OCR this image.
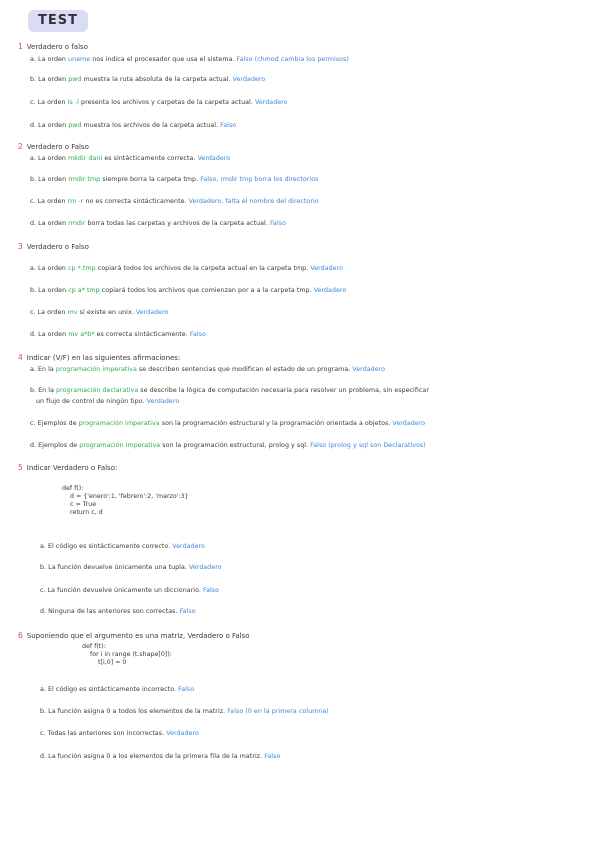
TEST
1 Verdadero o falso
a. La orden uname nos indica el procesador que usa el sistema. Falso (chmod cambia los permisos)
b. La orden pwd muestra la ruta absoluta de la carpeta actual. Verdadero
c. La orden ls -l presenta los archivos y carpetas de la carpeta actual. Verdadero
d. La orden pwd muestra los archivos de la carpeta actual. Falso
2 Verdadero o Falso
a. La orden mkdir dani es sintácticamente correcta. Verdadero
b. La orden rmdir tmp siempre borra la carpeta tmp. Falso, rmdir tmp borra los directorios
c. La orden rm -r no es correcta sintácticamente. Verdadero, falta el nombre del directorio
d. La orden rmdir borra todas las carpetas y archivos de la carpeta actual. Falso
3 Verdadero o Falso
a. La orden cp *.tmp copiará todos los archivos de la carpeta actual en la carpeta tmp. Verdadero
b. La orden cp a* tmp copiará todos los archivos que comienzan por a a la carpeta tmp. Verdadero
c. La orden mv sí existe en unix. Verdadero
d. La orden mv a*b* es correcta sintácticamente. Falso
4 Indicar (V/F) en las siguientes afirmaciones:
a. En la programación imperativa se describen sentencias que modifican el estado de un programa. Verdadero
b. En la programación declarativa se describe la lógica de computación necesaria para resolver un problema, sin especificar
un flujo de control de ningún tipo. Verdadero
c. Ejemplos de programación imperativa son la programación estructural y la programación orientada a objetos. Verdadero
d. Ejemplos de programación imperativa son la programación estructural, prolog y sql. Falso (prolog y sql son Declarativos)
5 Indicar Verdadero o Falso:
def f():
d = {'enero':1, 'febrero':2, 'marzo':3}
c = True
return c, d
a. El código es sintácticamente correcto. Verdadero
b. La función devuelve únicamente una tupla. Verdadero
c. La función devuelve únicamente un diccionario. Falso
d. Ninguna de las anteriores son correctas. Falso
6 Suponiendo que el argumento es una matriz, Verdadero o Falso
def f(t):
for i in range (t.shape[0]):
t[i,0] = 0
a. El código es sintácticamente incorrecto. Falso
b. La función asigna 0 a todos los elementos de la matriz. Falso (0 en la primera columna)
c. Todas las anteriores son incorrectas. Verdadero
d. La función asigna 0 a los elementos de la primera fila de la matriz. Falso
